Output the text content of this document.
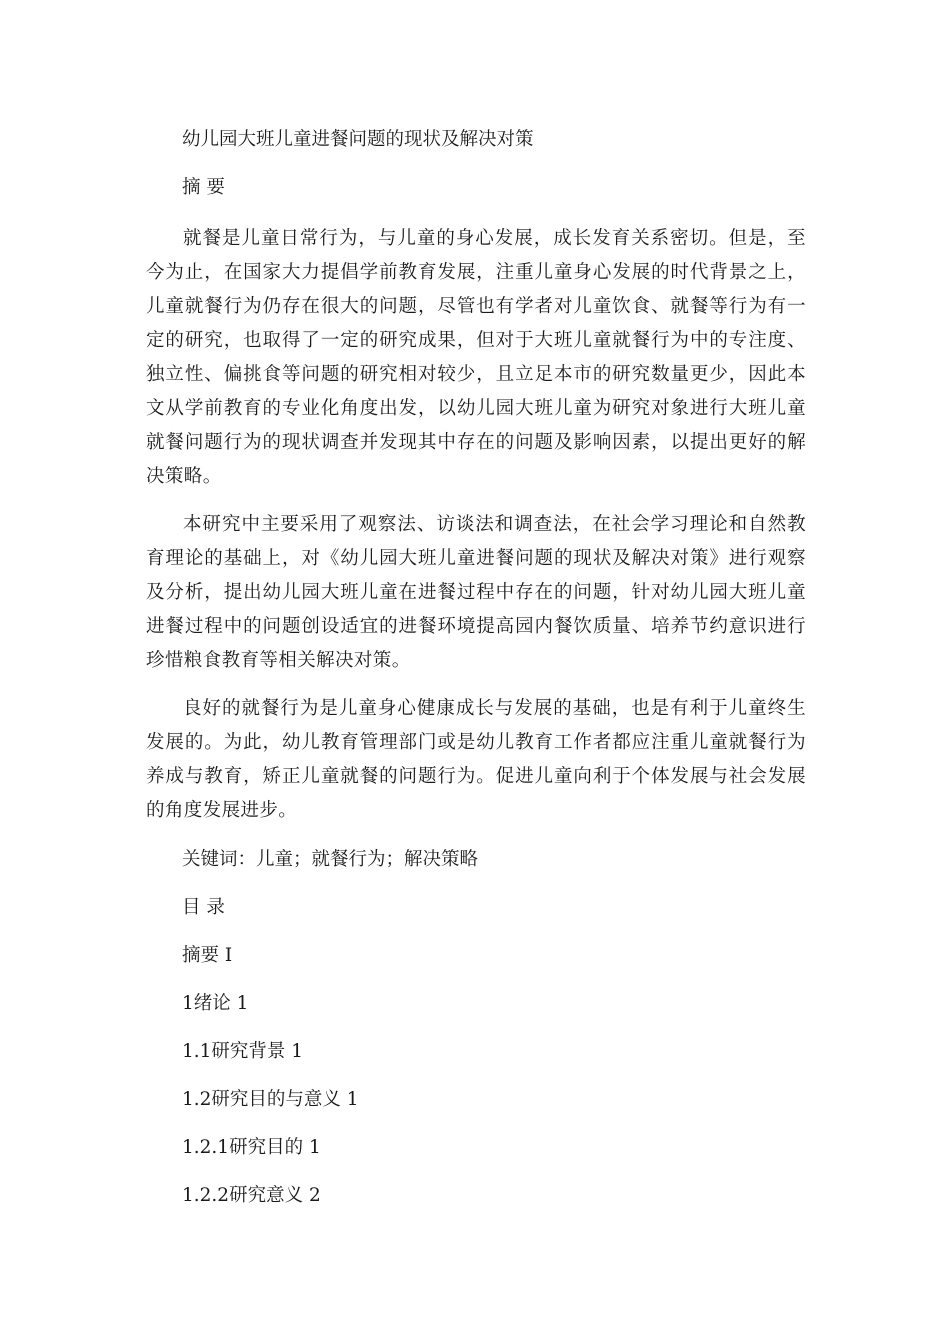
幼儿园大班儿童进餐问题的现状及解决对策

摘 要

就餐是儿童日常行为，与儿童的身心发展，成长发育关系密切。但是，至今为止，在国家大力提倡学前教育发展，注重儿童身心发展的时代背景之上，儿童就餐行为仍存在很大的问题，尽管也有学者对儿童饮食、就餐等行为有一定的研究，也取得了一定的研究成果，但对于大班儿童就餐行为中的专注度、独立性、偏挑食等问题的研究相对较少，且立足本市的研究数量更少，因此本文从学前教育的专业化角度出发，以幼儿园大班儿童为研究对象进行大班儿童就餐问题行为的现状调查并发现其中存在的问题及影响因素，以提出更好的解决策略。

本研究中主要采用了观察法、访谈法和调查法，在社会学习理论和自然教育理论的基础上，对《幼儿园大班儿童进餐问题的现状及解决对策》进行观察及分析，提出幼儿园大班儿童在进餐过程中存在的问题，针对幼儿园大班儿童进餐过程中的问题创设适宜的进餐环境提高园内餐饮质量、培养节约意识进行珍惜粮食教育等相关解决对策。

良好的就餐行为是儿童身心健康成长与发展的基础，也是有利于儿童终生发展的。为此，幼儿教育管理部门或是幼儿教育工作者都应注重儿童就餐行为养成与教育，矫正儿童就餐的问题行为。促进儿童向利于个体发展与社会发展的角度发展进步。

关键词：儿童；就餐行为；解决策略

目 录

摘要 I

1绪论 1

1.1研究背景 1

1.2研究目的与意义 1

1.2.1研究目的 1

1.2.2研究意义 2
